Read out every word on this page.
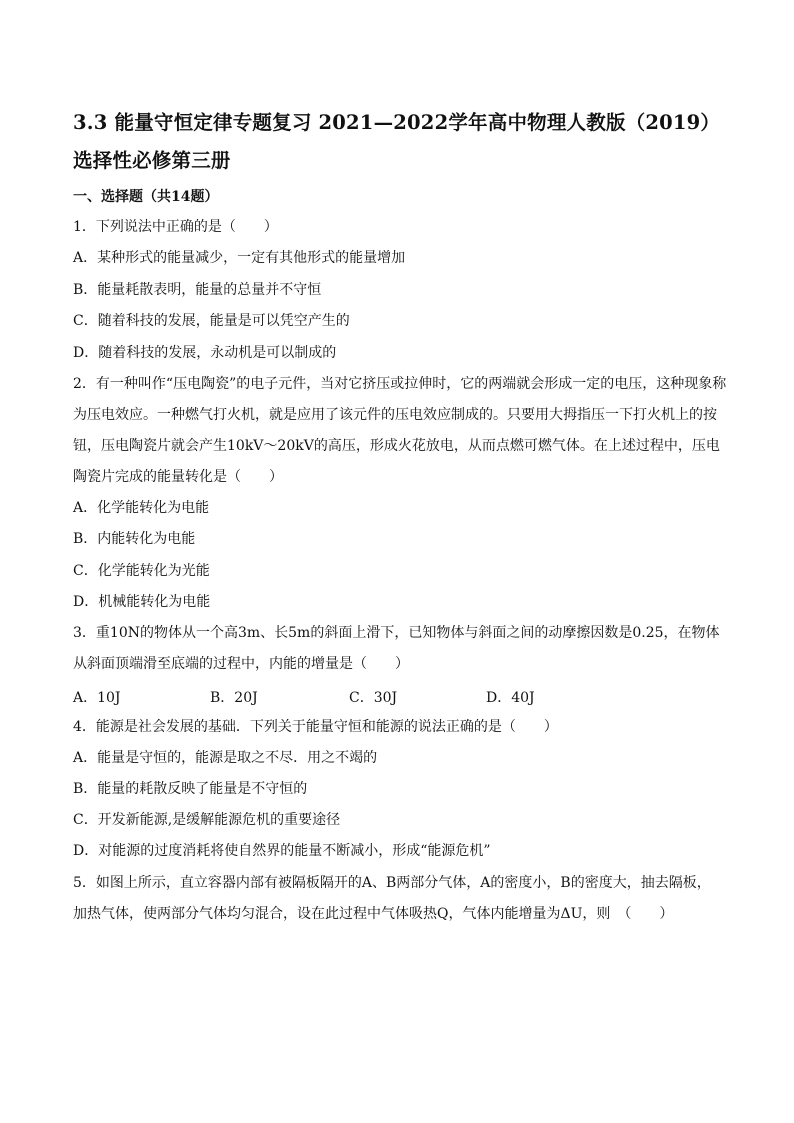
3.3 能量守恒定律专题复习 2021—2022学年高中物理人教版（2019）
选择性必修第三册
一、选择题（共14题）
1．下列说法中正确的是（　　）
A．某种形式的能量减少，一定有其他形式的能量增加
B．能量耗散表明，能量的总量并不守恒
C．随着科技的发展，能量是可以凭空产生的
D．随着科技的发展，永动机是可以制成的
2．有一种叫作“压电陶瓷”的电子元件，当对它挤压或拉伸时，它的两端就会形成一定的电压，这种现象称
为压电效应。一种燃气打火机，就是应用了该元件的压电效应制成的。只要用大拇指压一下打火机上的按
钮，压电陶瓷片就会产生10kV～20kV的高压，形成火花放电，从而点燃可燃气体。在上述过程中，压电
陶瓷片完成的能量转化是（　　）
A．化学能转化为电能
B．内能转化为电能
C．化学能转化为光能
D．机械能转化为电能
3．重10N的物体从一个高3m、长5m的斜面上滑下，已知物体与斜面之间的动摩擦因数是0.25，在物体
从斜面顶端滑至底端的过程中，内能的增量是（　　）
A．10J	B．20J	C．30J	D．40J
4．能源是社会发展的基础．下列关于能量守恒和能源的说法正确的是（　　）
A．能量是守恒的，能源是取之不尽．用之不竭的
B．能量的耗散反映了能量是不守恒的
C．开发新能源,是缓解能源危机的重要途径
D．对能源的过度消耗将使自然界的能量不断减小，形成“能源危机”
5．如图上所示，直立容器内部有被隔板隔开的A、B两部分气体，A的密度小，B的密度大，抽去隔板，
加热气体，使两部分气体均匀混合，设在此过程中气体吸热Q，气体内能增量为ΔU，则　（　　）
